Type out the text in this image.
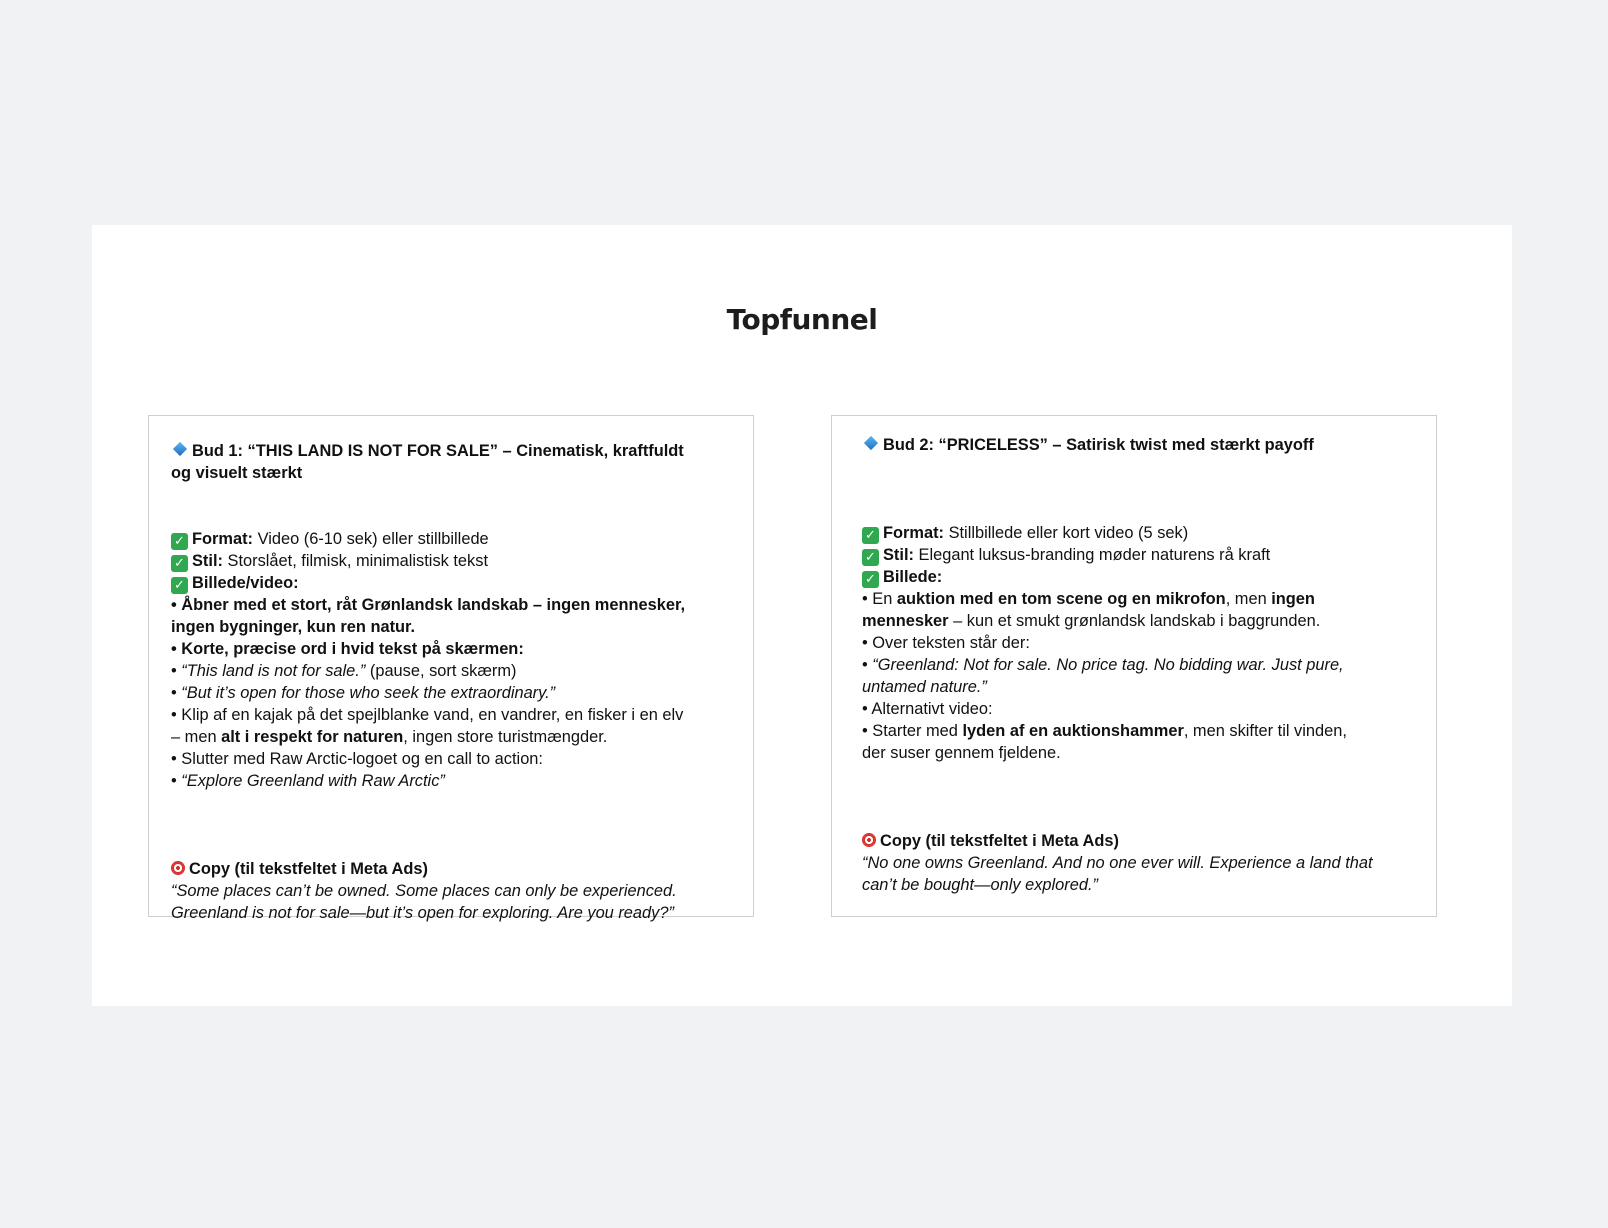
Topfunnel
Bud 1: “THIS LAND IS NOT FOR SALE” – Cinematisk, kraftfuldt
og visuelt stærkt
✓ Format: Video (6-10 sek) eller stillbillede
✓ Stil: Storslået, filmisk, minimalistisk tekst
✓ Billede/video:
• Åbner med et stort, råt Grønlandsk landskab – ingen mennesker,
ingen bygninger, kun ren natur.
• Korte, præcise ord i hvid tekst på skærmen:
• “This land is not for sale.” (pause, sort skærm)
• “But it’s open for those who seek the extraordinary.”
• Klip af en kajak på det spejlblanke vand, en vandrer, en fisker i en elv
– men alt i respekt for naturen, ingen store turistmængder.
• Slutter med Raw Arctic-logoet og en call to action:
• “Explore Greenland with Raw Arctic”
Copy (til tekstfeltet i Meta Ads)
“Some places can’t be owned. Some places can only be experienced.
Greenland is not for sale—but it’s open for exploring. Are you ready?”
Bud 2: “PRICELESS” – Satirisk twist med stærkt payoff
✓ Format: Stillbillede eller kort video (5 sek)
✓ Stil: Elegant luksus-branding møder naturens rå kraft
✓ Billede:
• En auktion med en tom scene og en mikrofon, men ingen
mennesker – kun et smukt grønlandsk landskab i baggrunden.
• Over teksten står der:
• “Greenland: Not for sale. No price tag. No bidding war. Just pure,
untamed nature.”
• Alternativt video:
• Starter med lyden af en auktionshammer, men skifter til vinden,
der suser gennem fjeldene.
Copy (til tekstfeltet i Meta Ads)
“No one owns Greenland. And no one ever will. Experience a land that
can’t be bought—only explored.”
